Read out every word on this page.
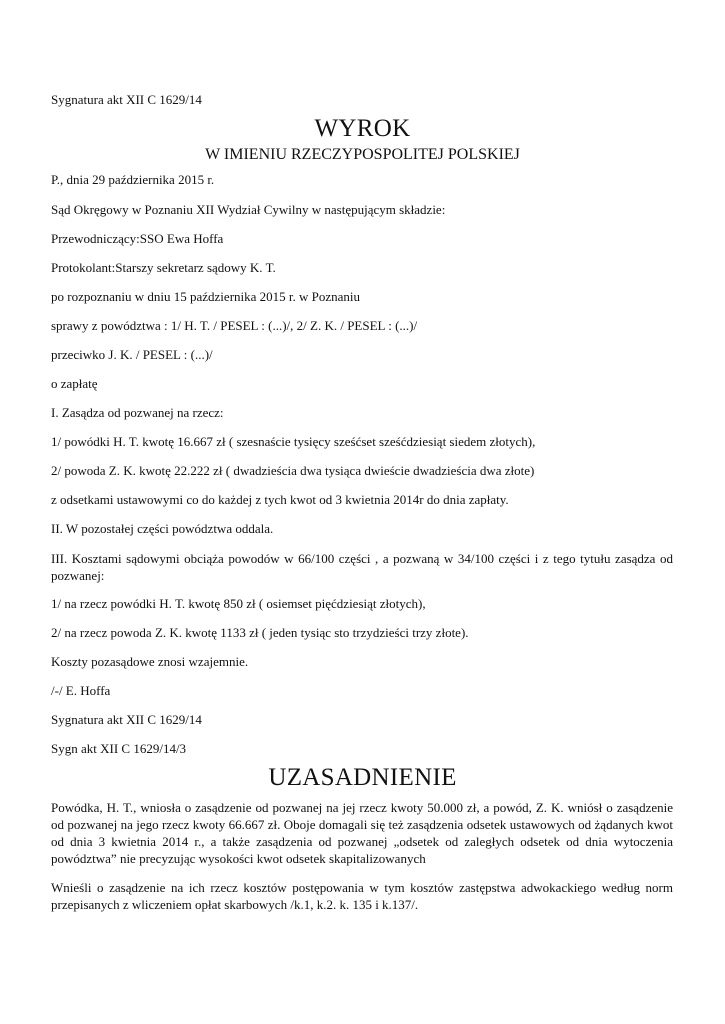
Sygnatura akt XII C 1629/14
WYROK
W IMIENIU RZECZYPOSPOLITEJ POLSKIEJ
P., dnia 29 października 2015 r.
Sąd Okręgowy w Poznaniu XII Wydział Cywilny w następującym składzie:
Przewodniczący:SSO Ewa Hoffa
Protokolant:Starszy sekretarz sądowy K. T.
po rozpoznaniu w dniu 15 października 2015 r. w Poznaniu
sprawy z powództwa : 1/ H. T. / PESEL : (...)/, 2/ Z. K. / PESEL : (...)/
przeciwko J. K. / PESEL : (...)/
o zapłatę
I. Zasądza od pozwanej na rzecz:
1/ powódki H. T. kwotę 16.667 zł ( szesnaście tysięcy sześćset sześćdziesiąt siedem złotych),
2/ powoda Z. K. kwotę 22.222 zł ( dwadzieścia dwa tysiąca dwieście dwadzieścia dwa złote)
z odsetkami ustawowymi co do każdej z tych kwot od 3 kwietnia 2014r do dnia zapłaty.
II. W pozostałej części powództwa oddala.
III. Kosztami sądowymi obciąża powodów w 66/100 części , a pozwaną w 34/100 części i z tego tytułu zasądza od pozwanej:
1/ na rzecz powódki H. T. kwotę 850 zł ( osiemset pięćdziesiąt złotych),
2/ na rzecz powoda Z. K. kwotę 1133 zł ( jeden tysiąc sto trzydzieści trzy złote).
Koszty pozasądowe znosi wzajemnie.
/-/ E. Hoffa
Sygnatura akt XII C 1629/14
Sygn akt XII C 1629/14/3
UZASADNIENIE
Powódka, H. T., wniosła o zasądzenie od pozwanej na jej rzecz kwoty 50.000 zł, a powód, Z. K. wniósł o zasądzenie od pozwanej na jego rzecz kwoty 66.667 zł. Oboje domagali się też zasądzenia odsetek ustawowych od żądanych kwot od dnia 3 kwietnia 2014 r., a także zasądzenia od pozwanej „odsetek od zaległych odsetek od dnia wytoczenia powództwa” nie precyzując wysokości kwot odsetek skapitalizowanych
Wnieśli o zasądzenie na ich rzecz kosztów postępowania w tym kosztów zastępstwa adwokackiego według norm przepisanych z wliczeniem opłat skarbowych /k.1, k.2. k. 135 i k.137/.
